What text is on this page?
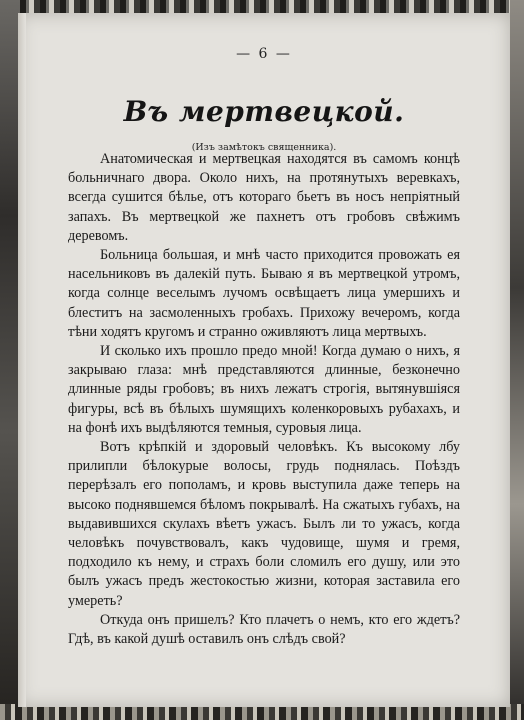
— 6 —
Въ мертвецкой.
(Изъ замѣтокъ священника).

Анатомическая и мертвецкая находятся въ самомъ концѣ больничнаго двора. Около нихъ, на протянутыхъ веревкахъ, всегда сушится бѣлье, отъ котораго бьетъ въ носъ непріятный запахъ. Въ мертвецкой же пахнетъ отъ гробовъ свѣжимъ деревомъ.

Больница большая, и мнѣ часто приходится провожать ея насельниковъ въ далекій путь. Бываю я въ мертвецкой утромъ, когда солнце веселымъ лучомъ освѣщаетъ лица умершихъ и блеститъ на засмоленныхъ гробахъ. Прихожу вечеромъ, когда тѣни ходятъ кругомъ и странно оживляютъ лица мертвыхъ.

И сколько ихъ прошло предо мной! Когда думаю о нихъ, я закрываю глаза: мнѣ представляются длинные, безконечно длинные ряды гробовъ; въ нихъ лежатъ строгія, вытянувшіяся фигуры, всѣ въ бѣлыхъ шумящихъ коленкоровыхъ рубахахъ, и на фонѣ ихъ выдѣляются темныя, суровыя лица.

Вотъ крѣпкій и здоровый человѣкъ. Къ высокому лбу прилипли бѣлокурые волосы, грудь поднялась. Поѣздъ перерѣзалъ его пополамъ, и кровь выступила даже теперь на высоко поднявшемся бѣломъ покрывалѣ. На сжатыхъ губахъ, на выдавившихся скулахъ вѣетъ ужасъ. Былъ ли то ужасъ, когда человѣкъ почувствовалъ, какъ чудовище, шумя и гремя, подходило къ нему, и страхъ боли сломилъ его душу, или это былъ ужасъ предъ жестокостью жизни, которая заставила его умереть?

Откуда онъ пришелъ? Кто плачетъ о немъ, кто его ждетъ? Гдѣ, въ какой душѣ оставилъ онъ слѣдъ свой?
